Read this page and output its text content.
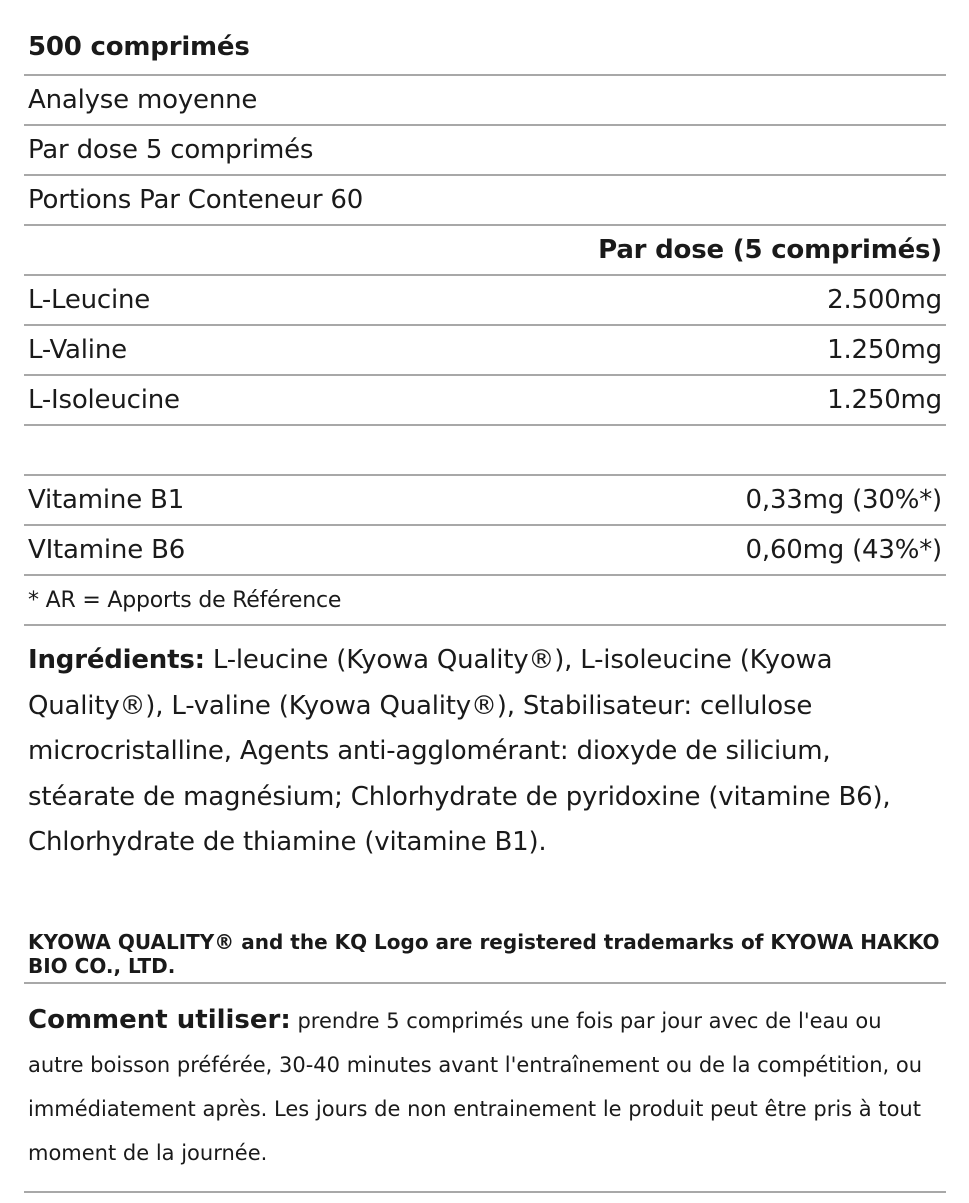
500 comprimés
Analyse moyenne
Par dose 5 comprimés
Portions Par Conteneur 60
Par dose (5 comprimés)
L-Leucine	2.500mg
L-Valine	1.250mg
L-Isoleucine	1.250mg
Vitamine B1	0,33mg (30%*)
VItamine B6	0,60mg (43%*)
* AR = Apports de Référence
Ingrédients: L-leucine (Kyowa Quality®), L-isoleucine (Kyowa Quality®), L-valine (Kyowa Quality®), Stabilisateur: cellulose microcristalline, Agents anti-agglomérant: dioxyde de silicium, stéarate de magnésium; Chlorhydrate de pyridoxine (vitamine B6), Chlorhydrate de thiamine (vitamine B1).
KYOWA QUALITY® and the KQ Logo are registered trademarks of KYOWA HAKKO BIO CO., LTD.
Comment utiliser: prendre 5 comprimés une fois par jour avec de l'eau ou autre boisson préférée, 30-40 minutes avant l'entraînement ou de la compétition, ou immédiatement après. Les jours de non entrainement le produit peut être pris à tout moment de la journée.
